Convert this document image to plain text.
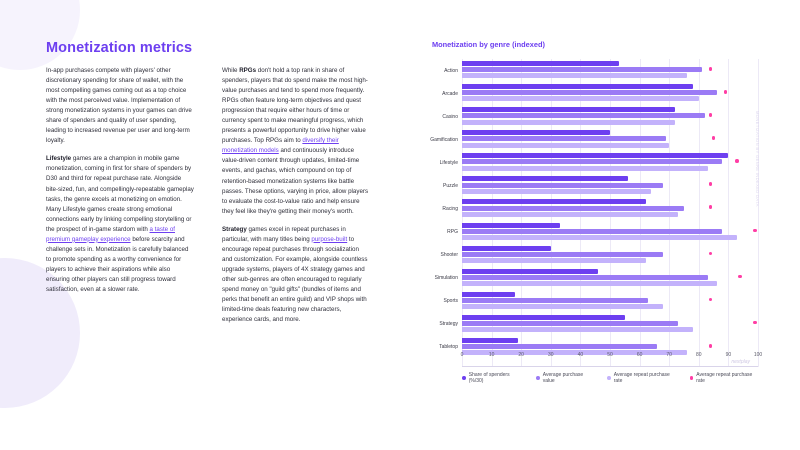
Monetization metrics

In-app purchases compete with players' other discretionary spending for share of wallet, with the most compelling games coming out as a top choice with the most perceived value. Implementation of strong monetization systems in your games can drive share of spenders and quality of user spending, leading to increased revenue per user and long-term loyalty.

Lifestyle games are a champion in mobile game monetization, coming in first for share of spenders by D30 and third for repeat purchase rate. Alongside bite-sized, fun, and compellingly-repeatable gameplay tasks, the genre excels at monetizing on emotion. Many Lifestyle games create strong emotional connections early by linking compelling storytelling or the prospect of in-game stardom with a taste of premium gameplay experience before scarcity and challenge sets in. Monetization is carefully balanced to promote spending as a worthy convenience for players to achieve their aspirations while also ensuring other players can still progress toward satisfaction, even at a slower rate.

While RPGs don't hold a top rank in share of spenders, players that do spend make the most high-value purchases and tend to spend more frequently. RPGs often feature long-term objectives and quest progression that require either hours of time or currency spent to make meaningful progress, which presents a powerful opportunity to drive higher value purchases. Top RPGs aim to diversify their monetization models and continuously introduce value-driven content through updates, limited-time events, and gachas, which compound on top of retention-based monetization systems like battle passes. These options, varying in price, allow players to evaluate the cost-to-value ratio and help ensure they feel like they're getting their money's worth.

Strategy games excel in repeat purchases in particular, with many titles being purpose-built to encourage repeat purchases through socialization and customization. For example, alongside countless upgrade systems, players of 4X strategy games and other sub-genres are often encouraged to regularly spend money on "guild gifts" (bundles of items and perks that benefit an entire guild) and VIP shops with limited-time deals featuring new characters, experience cards, and more.

Monetization by genre (indexed)
Action
Arcade
Casino
Gamification
Lifestyle
Puzzle
Racing
RPG
Shooter
Simulation
Sports
Strategy
Tabletop
MONETIZATION BY GENRE INDEXED DATA
nextplay
0	10	20	30	40	50	60	70	80	90	100
Share of spenders (%/30)
Average purchase value
Average repeat purchase rate
Average repeat purchase rate
